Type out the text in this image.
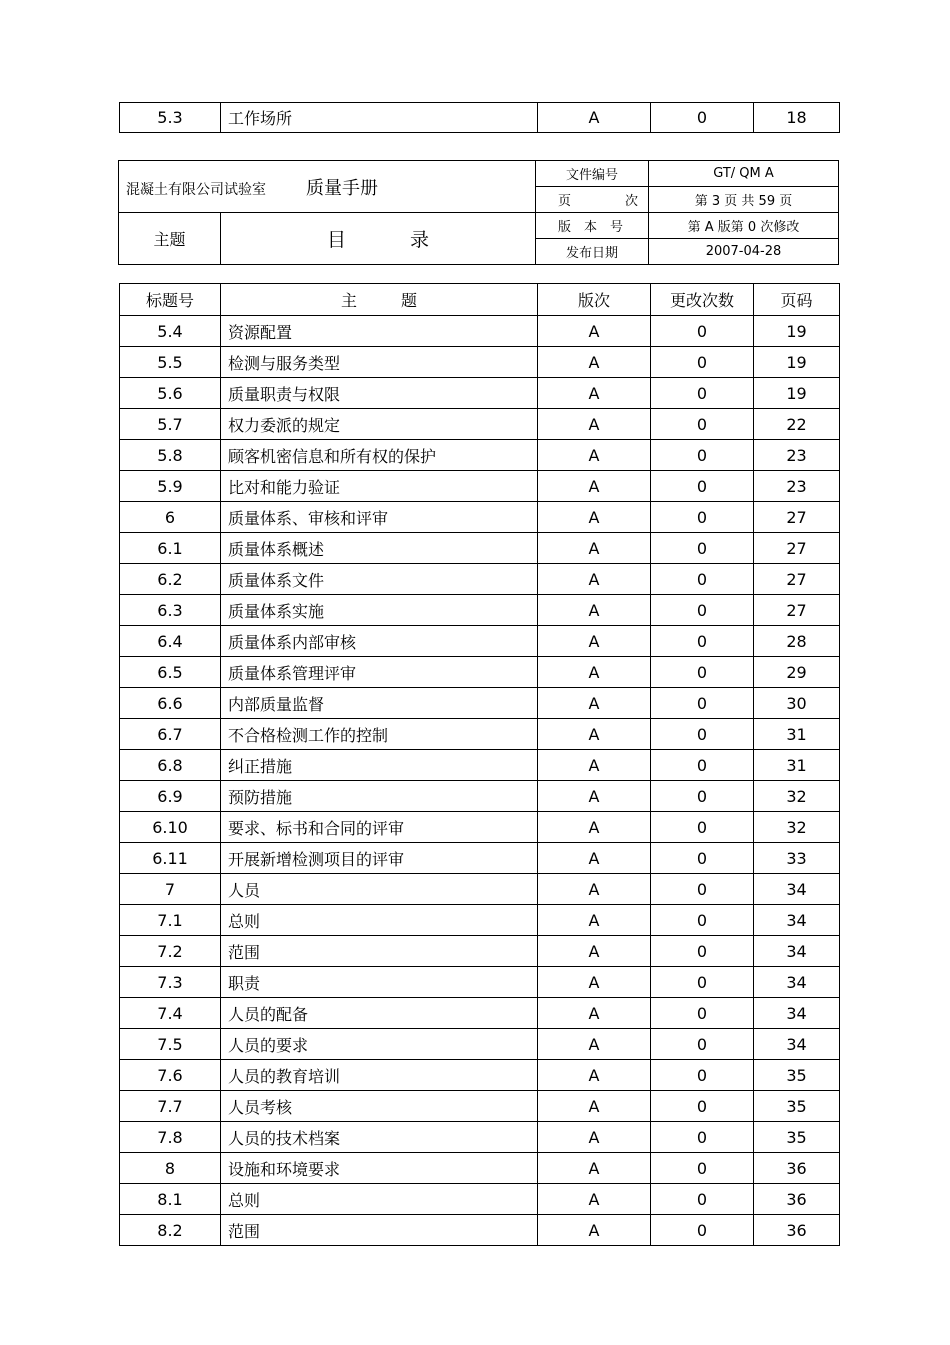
5.3	工作场所	A	0	18
混凝土有限公司试验室 质量手册		文件编号	GT/ QM A

		页 次	第 3 页 共 59 页
主题	目 录	版 本 号	第 A 版第 0 次修改
		发布日期	2007-04-28
标题号	主 题	版次	更改次数	页码
5.4	资源配置	A	0	19
5.5	检测与服务类型	A	0	19
5.6	质量职责与权限	A	0	19
5.7	权力委派的规定	A	0	22
5.8	顾客机密信息和所有权的保护	A	0	23
5.9	比对和能力验证	A	0	23
6	质量体系、审核和评审	A	0	27
6.1	质量体系概述	A	0	27
6.2	质量体系文件	A	0	27
6.3	质量体系实施	A	0	27
6.4	质量体系内部审核	A	0	28
6.5	质量体系管理评审	A	0	29
6.6	内部质量监督	A	0	30
6.7	不合格检测工作的控制	A	0	31
6.8	纠正措施	A	0	31
6.9	预防措施	A	0	32
6.10	要求、标书和合同的评审	A	0	32
6.11	开展新增检测项目的评审	A	0	33
7	人员	A	0	34
7.1	总则	A	0	34
7.2	范围	A	0	34
7.3	职责	A	0	34
7.4	人员的配备	A	0	34
7.5	人员的要求	A	0	34
7.6	人员的教育培训	A	0	35
7.7	人员考核	A	0	35
7.8	人员的技术档案	A	0	35
8	设施和环境要求	A	0	36
8.1	总则	A	0	36
8.2	范围	A	0	36
